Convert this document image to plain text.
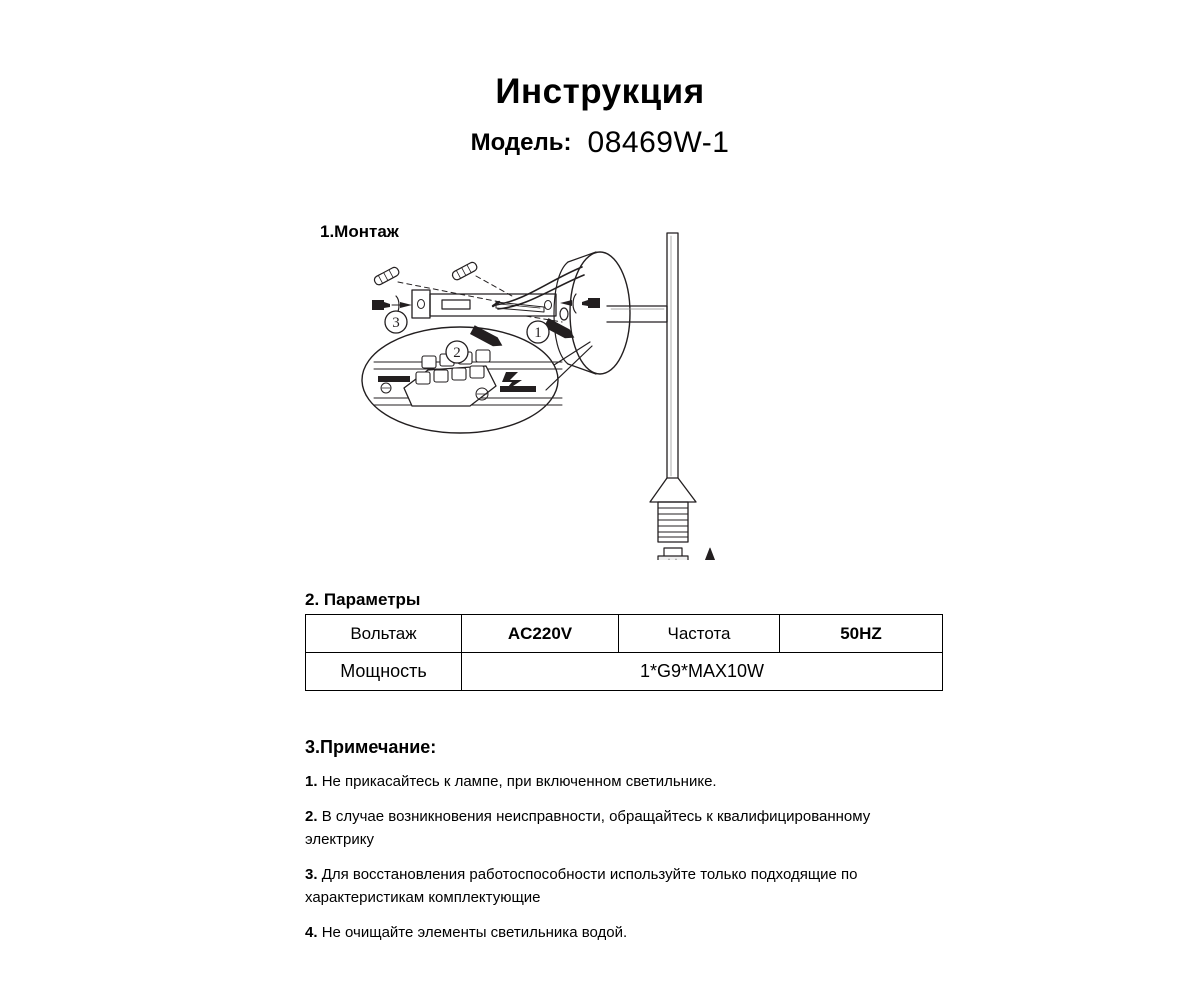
Инструкция
Модель: 08469W-1
1.Монтаж
3
1
2
2. Параметры
Вольтаж	AC220V	Частота	50HZ
Мощность	1*G9*MAX10W		
3.Примечание:
1. Не прикасайтесь к лампе, при включенном светильнике.
2. В случае возникновения неисправности, обращайтесь к квалифицированному электрику
3. Для восстановления работоспособности используйте только подходящие по характеристикам комплектующие
4. Не очищайте элементы светильника водой.
